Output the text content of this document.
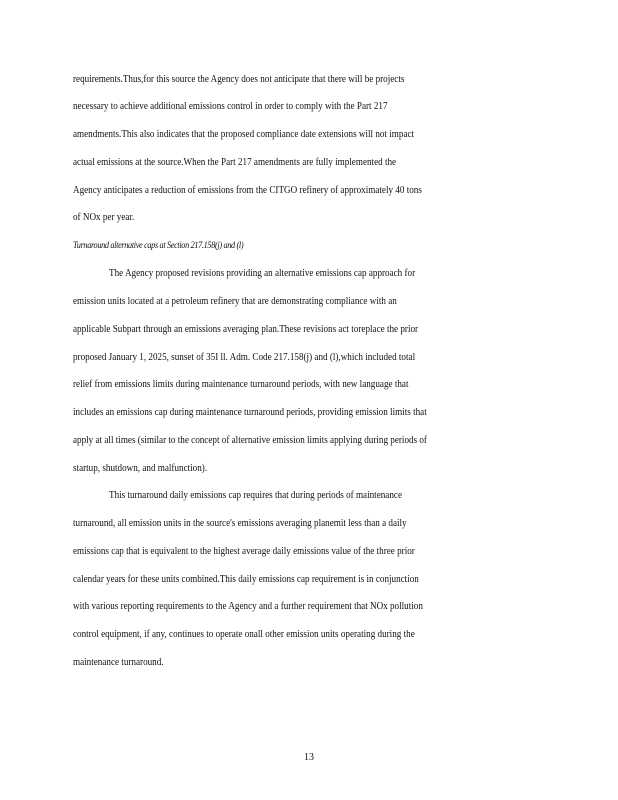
requirements.Thus,for this source the Agency does not anticipate that there will be projects
necessary to achieve additional emissions control in order to comply with the Part 217
amendments.This also indicates that the proposed compliance date extensions will not impact
actual emissions at the source.When the Part 217 amendments are fully implemented the
Agency anticipates a reduction of emissions from the CITGO refinery of approximately 40 tons
of NOx per year.
Turnaround alternative caps at Section 217.158(j) and (l)
The Agency proposed revisions providing an alternative emissions cap approach for
emission units located at a petroleum refinery that are demonstrating compliance with an
applicable Subpart through an emissions averaging plan.These revisions act toreplace the prior
proposed January 1, 2025, sunset of 35I ll. Adm. Code 217.158(j) and (l),which included total
relief from emissions limits during maintenance turnaround periods, with new language that
includes an emissions cap during maintenance turnaround periods, providing emission limits that
apply at all times (similar to the concept of alternative emission limits applying during periods of
startup, shutdown, and malfunction).
This turnaround daily emissions cap requires that during periods of maintenance
turnaround, all emission units in the source's emissions averaging planemit less than a daily
emissions cap that is equivalent to the highest average daily emissions value of the three prior
calendar years for these units combined.This daily emissions cap requirement is in conjunction
with various reporting requirements to the Agency and a further requirement that NOx pollution
control equipment, if any, continues to operate onall other emission units operating during the
maintenance turnaround.
13
